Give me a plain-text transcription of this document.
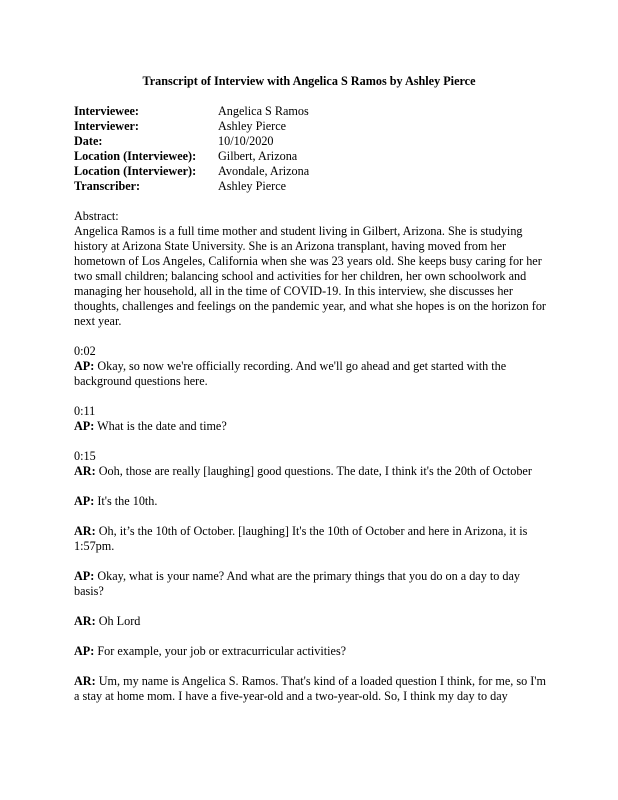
Transcript of Interview with Angelica S Ramos by Ashley Pierce
Interviewee:	Angelica S Ramos
Interviewer:	Ashley Pierce
Date:	10/10/2020
Location (Interviewee):	Gilbert, Arizona
Location (Interviewer):	Avondale, Arizona
Transcriber:	Ashley Pierce
Abstract:
Angelica Ramos is a full time mother and student living in Gilbert, Arizona. She is studying history at Arizona State University. She is an Arizona transplant, having moved from her hometown of Los Angeles, California when she was 23 years old. She keeps busy caring for her two small children; balancing school and activities for her children, her own schoolwork and managing her household, all in the time of COVID-19. In this interview, she discusses her thoughts, challenges and feelings on the pandemic year, and what she hopes is on the horizon for next year.
0:02
AP: Okay, so now we're officially recording. And we'll go ahead and get started with the background questions here.
0:11
AP: What is the date and time?
0:15
AR: Ooh, those are really [laughing] good questions. The date, I think it's the 20th of October
AP: It's the 10th.
AR: Oh, it’s the 10th of October. [laughing] It's the 10th of October and here in Arizona, it is 1:57pm.
AP: Okay, what is your name? And what are the primary things that you do on a day to day basis?
AR: Oh Lord
AP: For example, your job or extracurricular activities?
AR: Um, my name is Angelica S. Ramos. That's kind of a loaded question I think, for me, so I'm a stay at home mom. I have a five-year-old and a two-year-old. So, I think my day to day
